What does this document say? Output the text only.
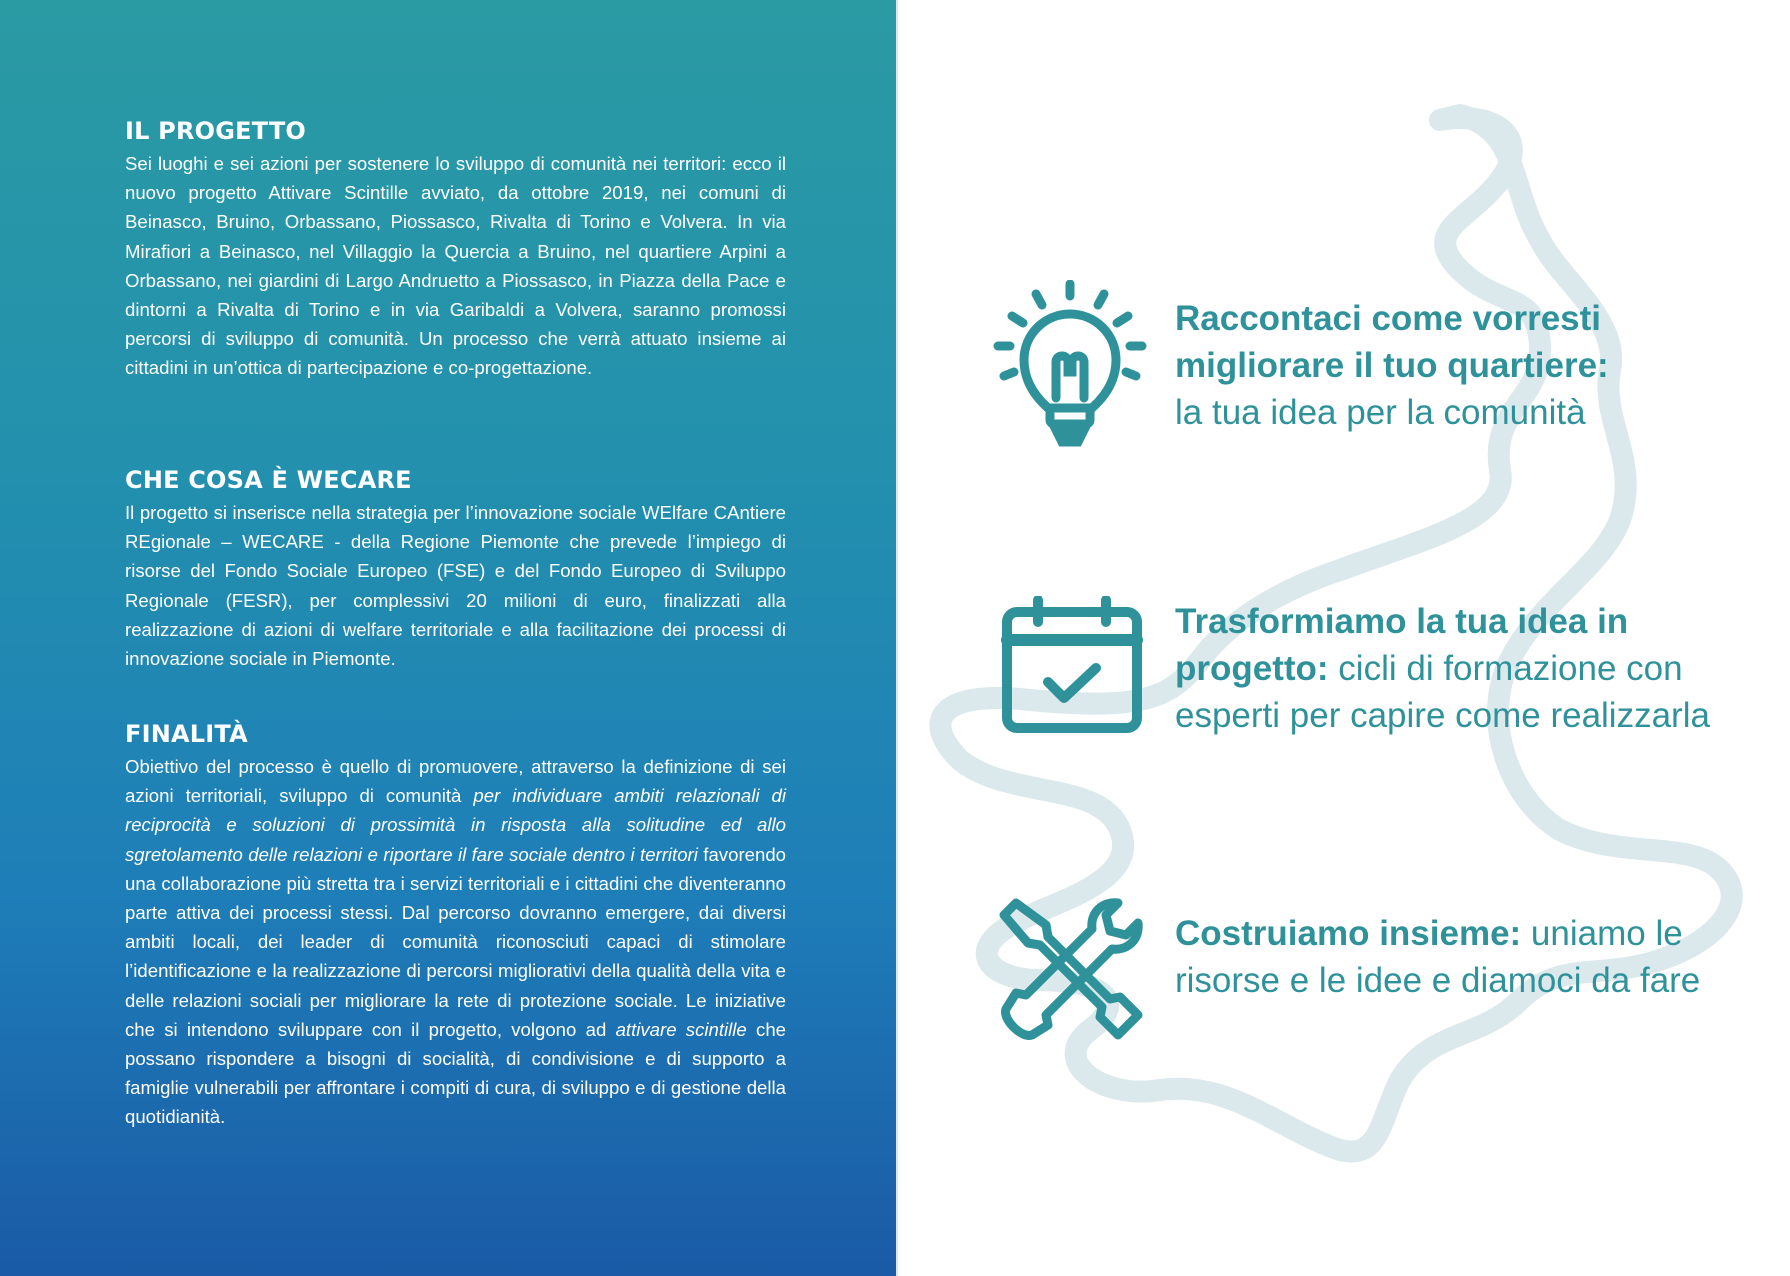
IL PROGETTO

Sei luoghi e sei azioni per sostenere lo sviluppo di comunità nei territori: ecco il nuovo progetto Attivare Scintille avviato, da ottobre 2019, nei comuni di Beinasco, Bruino, Orbassano, Piossasco, Rivalta di Torino e Volvera. In via Mirafiori a Beinasco, nel Villaggio la Quercia a Bruino, nel quartiere Arpini a Orbassano, nei giardini di Largo Andruetto a Piossasco, in Piazza della Pace e dintorni a Rivalta di Torino e in via Garibaldi a Volvera, saranno promossi percorsi di sviluppo di comunità. Un processo che verrà attuato insieme ai cittadini in un’ottica di partecipazione e co-progettazione.

CHE COSA È WECARE

Il progetto si inserisce nella strategia per l’innovazione sociale WElfare CAntiere REgionale – WECARE - della Regione Piemonte che prevede l’impiego di risorse del Fondo Sociale Europeo (FSE) e del Fondo Europeo di Sviluppo Regionale (FESR), per complessivi 20 milioni di euro, finalizzati alla realizzazione di azioni di welfare territoriale e alla facilitazione dei processi di innovazione sociale in Piemonte.

FINALITÀ

Obiettivo del processo è quello di promuovere, attraverso la definizione di sei azioni territoriali, sviluppo di comunità per individuare ambiti relazionali di reciprocità e soluzioni di prossimità in risposta alla solitudine ed allo sgretolamento delle relazioni e riportare il fare sociale dentro i territori favorendo una collaborazione più stretta tra i servizi territoriali e i cittadini che diventeranno parte attiva dei processi stessi. Dal percorso dovranno emergere, dai diversi ambiti locali, dei leader di comunità riconosciuti capaci di stimolare l’identificazione e la realizzazione di percorsi migliorativi della qualità della vita e delle relazioni sociali per migliorare la rete di protezione sociale. Le iniziative che si intendono sviluppare con il progetto, volgono ad attivare scintille che possano rispondere a bisogni di socialità, di condivisione e di supporto a famiglie vulnerabili per affrontare i compiti di cura, di sviluppo e di gestione della quotidianità.

Raccontaci come vorresti migliorare il tuo quartiere:
la tua idea per la comunità
Trasformiamo la tua idea in progetto: cicli di formazione con esperti per capire come realizzarla
Costruiamo insieme: uniamo le risorse e le idee e diamoci da fare
